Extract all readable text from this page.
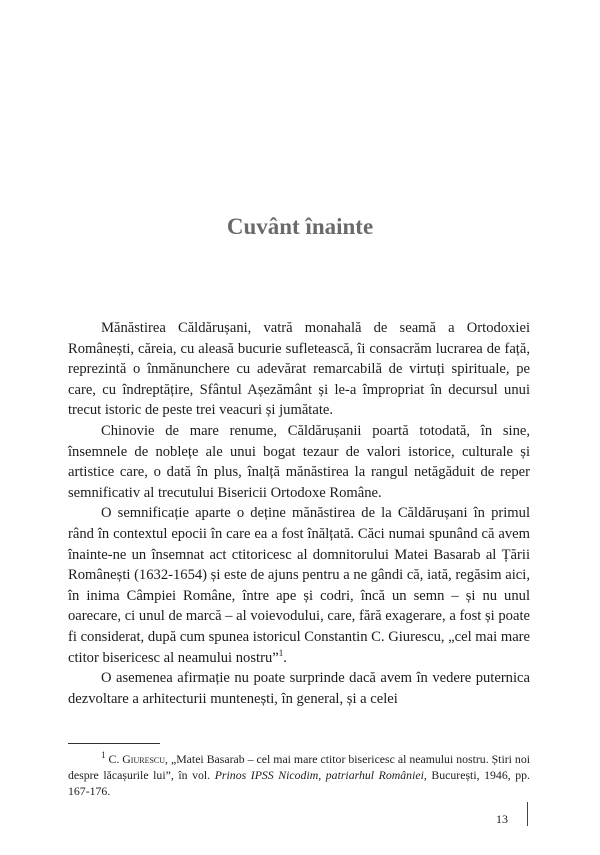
Cuvânt înainte

Mănăstirea Căldărușani, vatră monahală de seamă a Ortodoxiei Românești, căreia, cu aleasă bucurie sufletească, îi consacrăm lucrarea de față, reprezintă o înmănunchere cu adevărat remarcabilă de virtuți spirituale, pe care, cu îndreptățire, Sfântul Așezământ și le-a împropriat în decursul unui trecut istoric de peste trei veacuri și jumătate.

Chinovie de mare renume, Căldărușanii poartă totodată, în sine, însemnele de noblețe ale unui bogat tezaur de valori istorice, culturale și artistice care, o dată în plus, înalță mănăstirea la rangul netăgăduit de reper semnificativ al trecutului Bisericii Ortodoxe Române.

O semnificație aparte o deține mănăstirea de la Căldărușani în primul rând în contextul epocii în care ea a fost înălțată. Căci numai spunând că avem înainte-ne un însemnat act ctitoricesc al domnitorului Matei Basarab al Țării Românești (1632-1654) și este de ajuns pentru a ne gândi că, iată, regăsim aici, în inima Câmpiei Române, între ape și codri, încă un semn – și nu unul oarecare, ci unul de marcă – al voievodului, care, fără exagerare, a fost și poate fi considerat, după cum spunea istoricul Constantin C. Giurescu, „cel mai mare ctitor bisericesc al neamului nostru”$^1$.

O asemenea afirmație nu poate surprinde dacă avem în vedere puternica dezvoltare a arhitecturii muntenești, în general, și a celei

$^1$ C. Giurescu, „Matei Basarab – cel mai mare ctitor bisericesc al neamului nostru. Știri noi despre lăcașurile lui”, în vol. Prinos IPSS Nicodim, patriarhul României, București, 1946, pp. 167-176.

13
